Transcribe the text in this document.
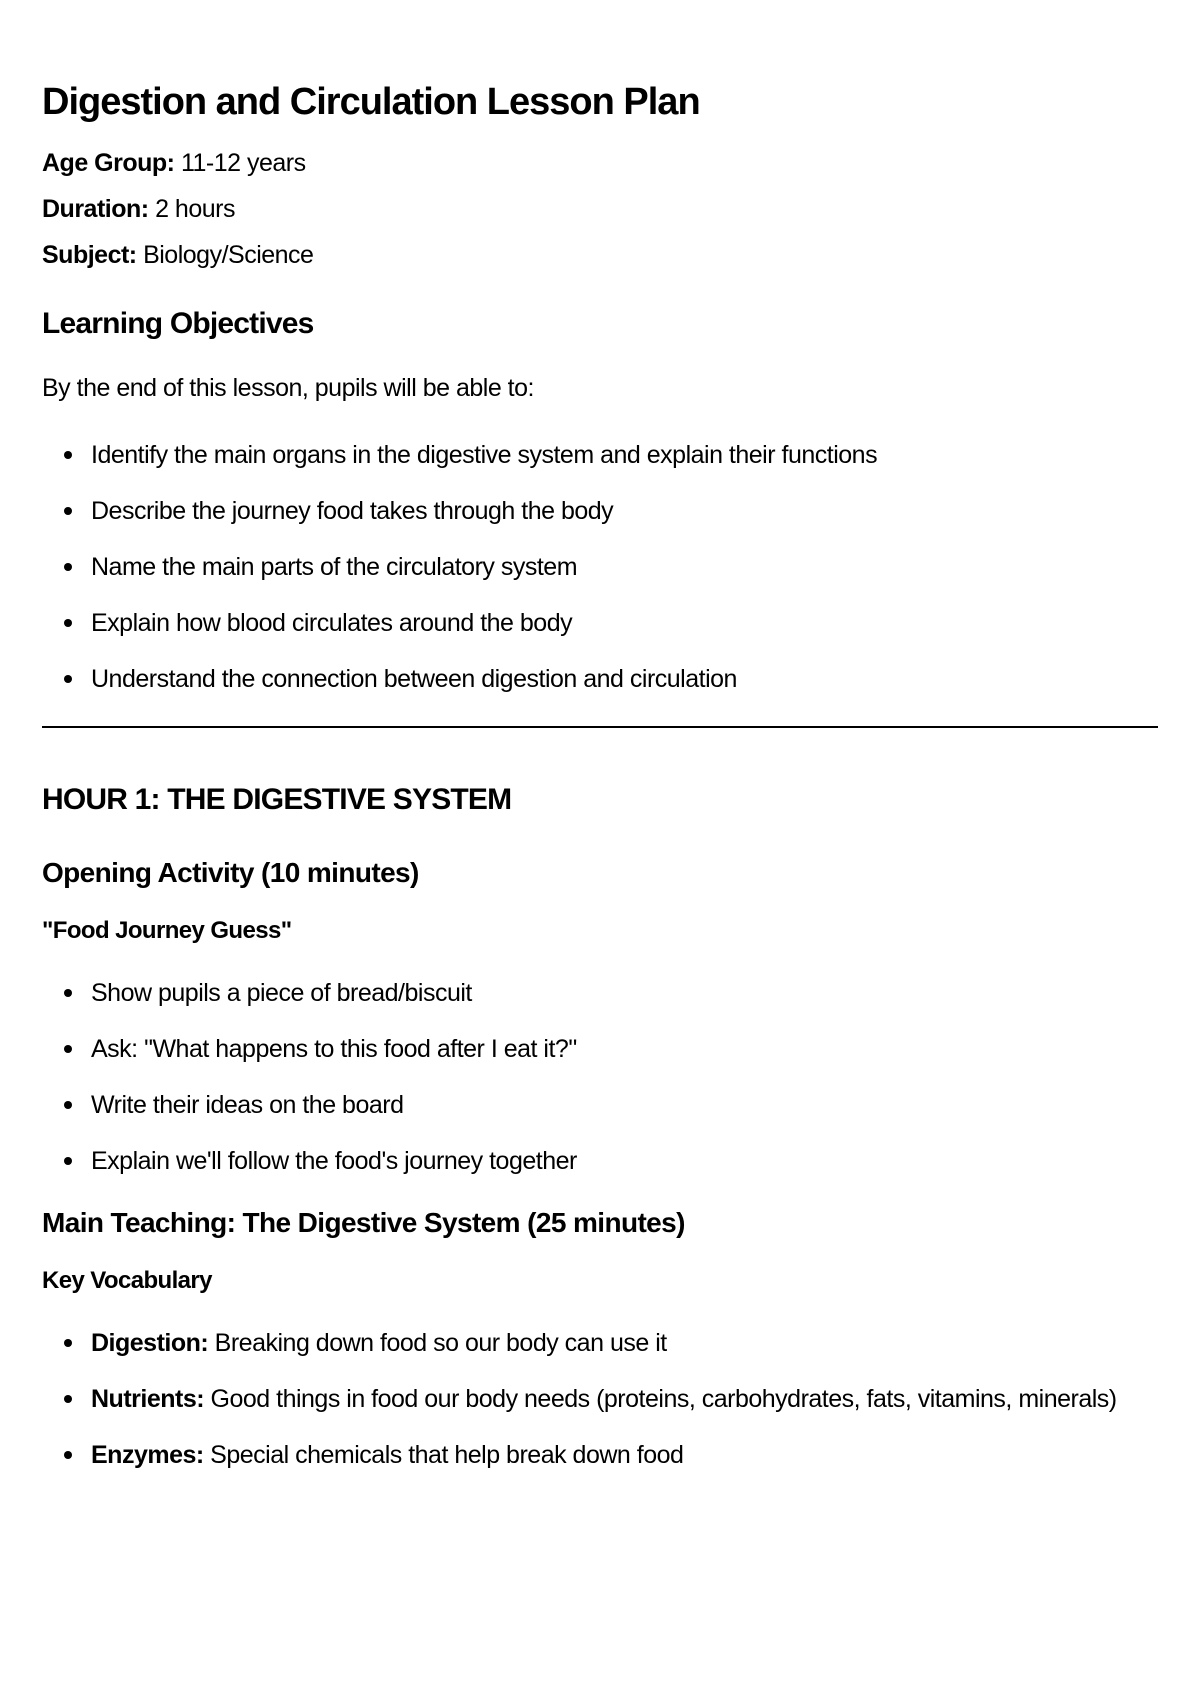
Digestion and Circulation Lesson Plan
Age Group: 11-12 years
Duration: 2 hours
Subject: Biology/Science
Learning Objectives

By the end of this lesson, pupils will be able to:

Identify the main organs in the digestive system and explain their functions
Describe the journey food takes through the body
Name the main parts of the circulatory system
Explain how blood circulates around the body
Understand the connection between digestion and circulation
HOUR 1: THE DIGESTIVE SYSTEM
Opening Activity (10 minutes)
"Food Journey Guess"
Show pupils a piece of bread/biscuit
Ask: "What happens to this food after I eat it?"
Write their ideas on the board
Explain we'll follow the food's journey together
Main Teaching: The Digestive System (25 minutes)
Key Vocabulary
Digestion: Breaking down food so our body can use it
Nutrients: Good things in food our body needs (proteins, carbohydrates, fats, vitamins, minerals)
Enzymes: Special chemicals that help break down food
